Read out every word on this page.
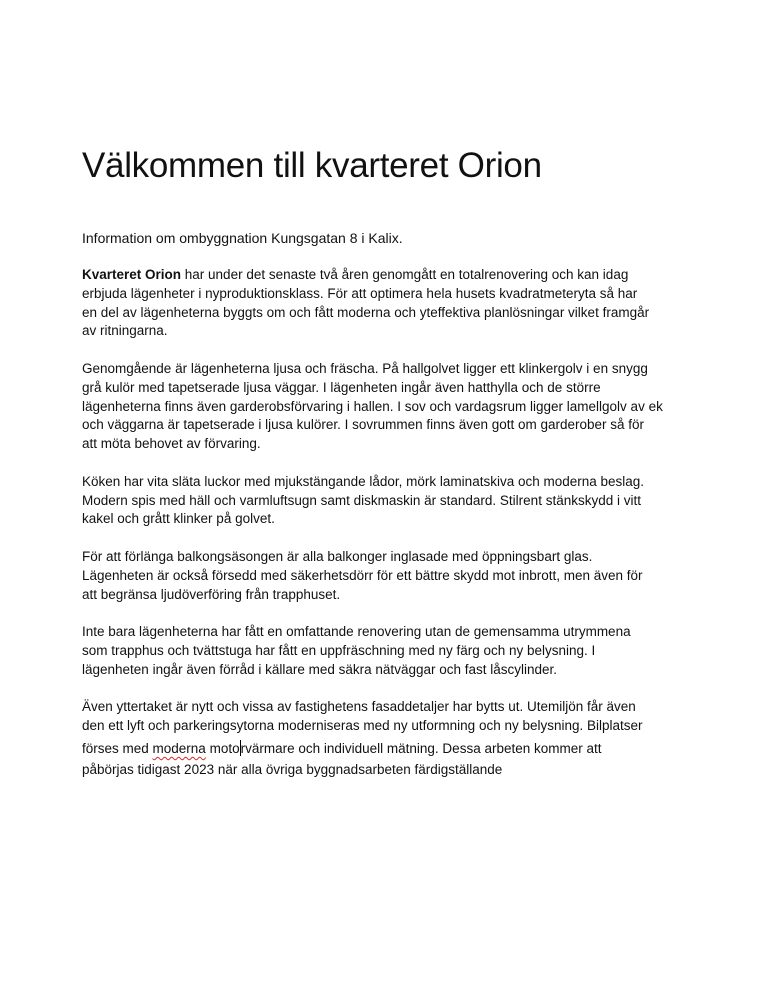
Välkommen till kvarteret Orion

Information om ombyggnation Kungsgatan 8 i Kalix.

Kvarteret Orion har under det senaste två åren genomgått en totalrenovering och kan idag
erbjuda lägenheter i nyproduktionsklass. För att optimera hela husets kvadratmeteryta så har
en del av lägenheterna byggts om och fått moderna och yteffektiva planlösningar vilket framgår
av ritningarna.

Genomgående är lägenheterna ljusa och fräscha. På hallgolvet ligger ett klinkergolv i en snygg
grå kulör med tapetserade ljusa väggar. I lägenheten ingår även hatthylla och de större
lägenheterna finns även garderobsförvaring i hallen. I sov och vardagsrum ligger lamellgolv av ek
och väggarna är tapetserade i ljusa kulörer. I sovrummen finns även gott om garderober så för
att möta behovet av förvaring.

Köken har vita släta luckor med mjukstängande lådor, mörk laminatskiva och moderna beslag.
Modern spis med häll och varmluftsugn samt diskmaskin är standard. Stilrent stänkskydd i vitt
kakel och grått klinker på golvet.

För att förlänga balkongsäsongen är alla balkonger inglasade med öppningsbart glas.
Lägenheten är också försedd med säkerhetsdörr för ett bättre skydd mot inbrott, men även för
att begränsa ljudöverföring från trapphuset.

Inte bara lägenheterna har fått en omfattande renovering utan de gemensamma utrymmena
som trapphus och tvättstuga har fått en uppfräschning med ny färg och ny belysning. I
lägenheten ingår även förråd i källare med säkra nätväggar och fast låscylinder.

Även yttertaket är nytt och vissa av fastighetens fasaddetaljer har bytts ut. Utemiljön får även
den ett lyft och parkeringsytorna moderniseras med ny utformning och ny belysning. Bilplatser
förses med moderna motorvärmare och individuell mätning. Dessa arbeten kommer att
påbörjas tidigast 2023 när alla övriga byggnadsarbeten färdigställande
